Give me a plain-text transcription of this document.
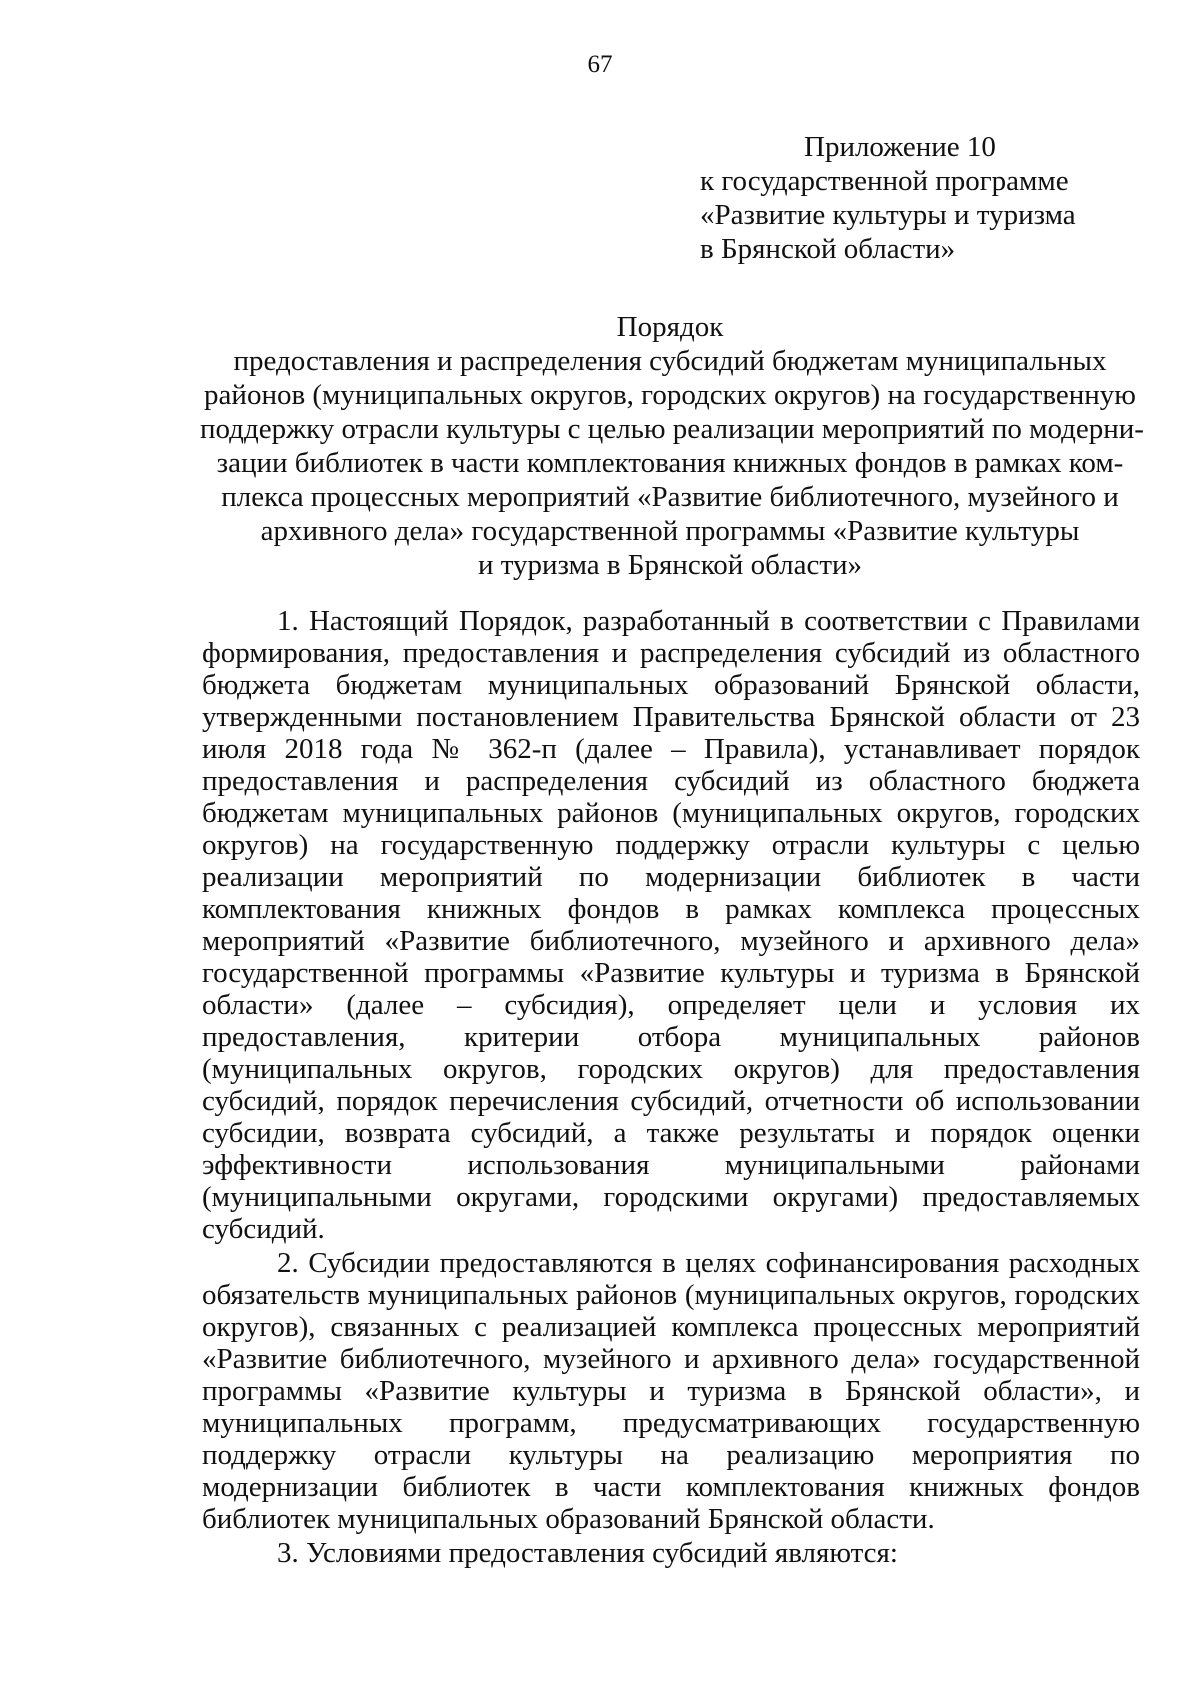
67
Приложение 10
к государственной программе
«Развитие культуры и туризма
в Брянской области»
Порядок
предоставления и распределения субсидий бюджетам муниципальных
районов (муниципальных округов, городских округов) на государственную
поддержку отрасли культуры с целью реализации мероприятий по модерни-
зации библиотек в части комплектования книжных фондов в рамках ком-
плекса процессных мероприятий «Развитие библиотечного, музейного и
архивного дела» государственной программы «Развитие культуры
и туризма в Брянской области»

1. Настоящий Порядок, разработанный в соответствии с Правилами формирования, предоставления и распределения субсидий из областного бюджета бюджетам муниципальных образований Брянской области, утвержденными постановлением Правительства Брянской области от 23 июля 2018 года № 362-п (далее – Правила), устанавливает порядок предоставления и распределения субсидий из областного бюджета бюджетам муниципальных районов (муниципальных округов, городских округов) на государственную поддержку отрасли культуры с целью реализации мероприятий по модернизации библиотек в части комплектования книжных фондов в рамках комплекса процессных мероприятий «Развитие библиотечного, музейного и архивного дела» государственной программы «Развитие культуры и туризма в Брянской области» (далее – субсидия), определяет цели и условия их предоставления, критерии отбора муниципальных районов (муниципальных округов, городских округов) для предоставления субсидий, порядок перечисления субсидий, отчетности об использовании субсидии, возврата субсидий, а также результаты и порядок оценки эффективности использования муниципальными районами (муниципальными округами, городскими округами) предоставляемых субсидий.

2. Субсидии предоставляются в целях софинансирования расходных обязательств муниципальных районов (муниципальных округов, городских округов), связанных с реализацией комплекса процессных мероприятий «Развитие библиотечного, музейного и архивного дела» государственной программы «Развитие культуры и туризма в Брянской области», и муниципальных программ, предусматривающих государственную поддержку отрасли культуры на реализацию мероприятия по модернизации библиотек в части комплектования книжных фондов библиотек муниципальных образований Брянской области.

3. Условиями предоставления субсидий являются:
